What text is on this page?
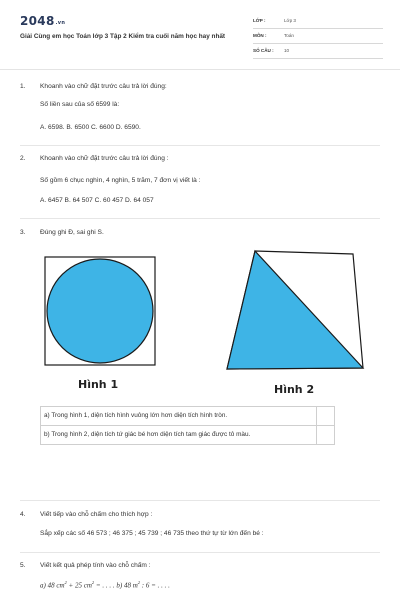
$2048^{.vn}$
Giải Cùng em học Toán lớp 3 Tập 2 Kiểm tra cuối năm học hay nhất
LỚP :	Lớp 3
MÔN :	Toán
SỐ CÂU : 10
1. Khoanh vào chữ đặt trước câu trả lời đúng:
Số liền sau của số 6599 là:
A. 6598. B. 6500 C. 6600 D. 6590.
2. Khoanh vào chữ đặt trước câu trả lời đúng :
Số gồm 6 chục nghìn, 4 nghìn, 5 trăm, 7 đơn vị viết là :
A. 6457 B. 64 507 C. 60 457 D. 64 057
3. Đúng ghi Đ, sai ghi S.
Hình 1	Hình 2
a) Trong hình 1, diện tích hình vuông lớn hơn diện tích hình tròn.
b) Trong hình 2, diện tích tứ giác bé hơn diện tích tam giác được tô màu.
4. Viết tiếp vào chỗ chấm cho thích hợp :
Sắp xếp các số 46 573 ; 46 375 ; 45 739 ; 46 735 theo thứ tự từ lớn đến bé :
5. Viết kết quả phép tính vào chỗ chấm :
a) 48 $cm^2 + 25$ $cm^2$ = . . . . b) 48 $m^2$ : 6 = . . . .
